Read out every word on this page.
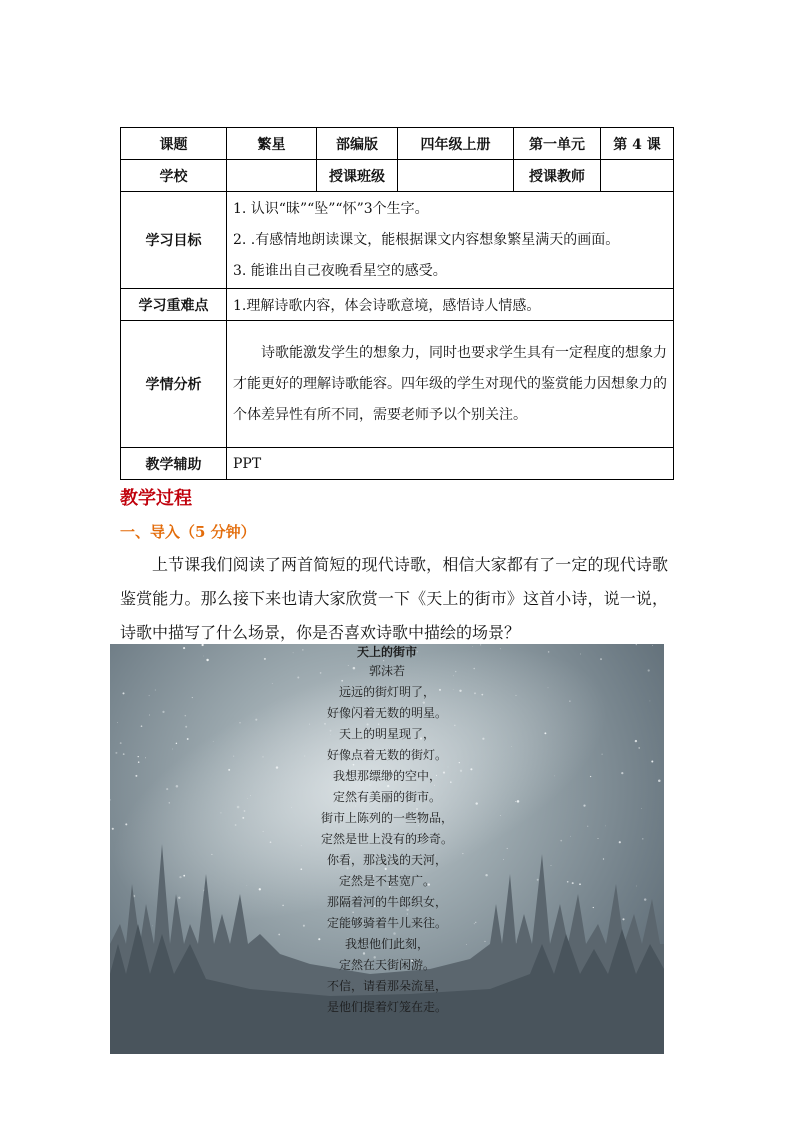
课题	繁星	部编版	四年级上册	第一单元	第 4 课
学校		授课班级		授课教师	
学习目标	1. 认识“昧”“坠”“怀”3个生字。
2. .有感情地朗读课文，能根据课文内容想象繁星满天的画面。
3. 能谁出自己夜晚看星空的感受。				

学习重难点	1.理解诗歌内容，体会诗歌意境，感悟诗人情感。				
学情分析	诗歌能激发学生的想象力，同时也要求学生具有一定程度的想象力才能更好的理解诗歌能容。四年级的学生对现代的鉴赏能力因想象力的个体差异性有所不同，需要老师予以个别关注。				

教学辅助	PPT				
教学过程
一、导入（5 分钟）
上节课我们阅读了两首简短的现代诗歌，相信大家都有了一定的现代诗歌鉴赏能力。那么接下来也请大家欣赏一下《天上的街市》这首小诗，说一说，诗歌中描写了什么场景，你是否喜欢诗歌中描绘的场景？
天上的街市
郭沫若
远远的街灯明了，
好像闪着无数的明星。
天上的明星现了，
好像点着无数的街灯。
我想那缥缈的空中，
定然有美丽的街市。
街市上陈列的一些物品，
定然是世上没有的珍奇。
你看，那浅浅的天河，
定然是不甚宽广。
那隔着河的牛郎织女，
定能够骑着牛儿来往。
我想他们此刻，
定然在天街闲游。
不信，请看那朵流星，
是他们提着灯笼在走。
